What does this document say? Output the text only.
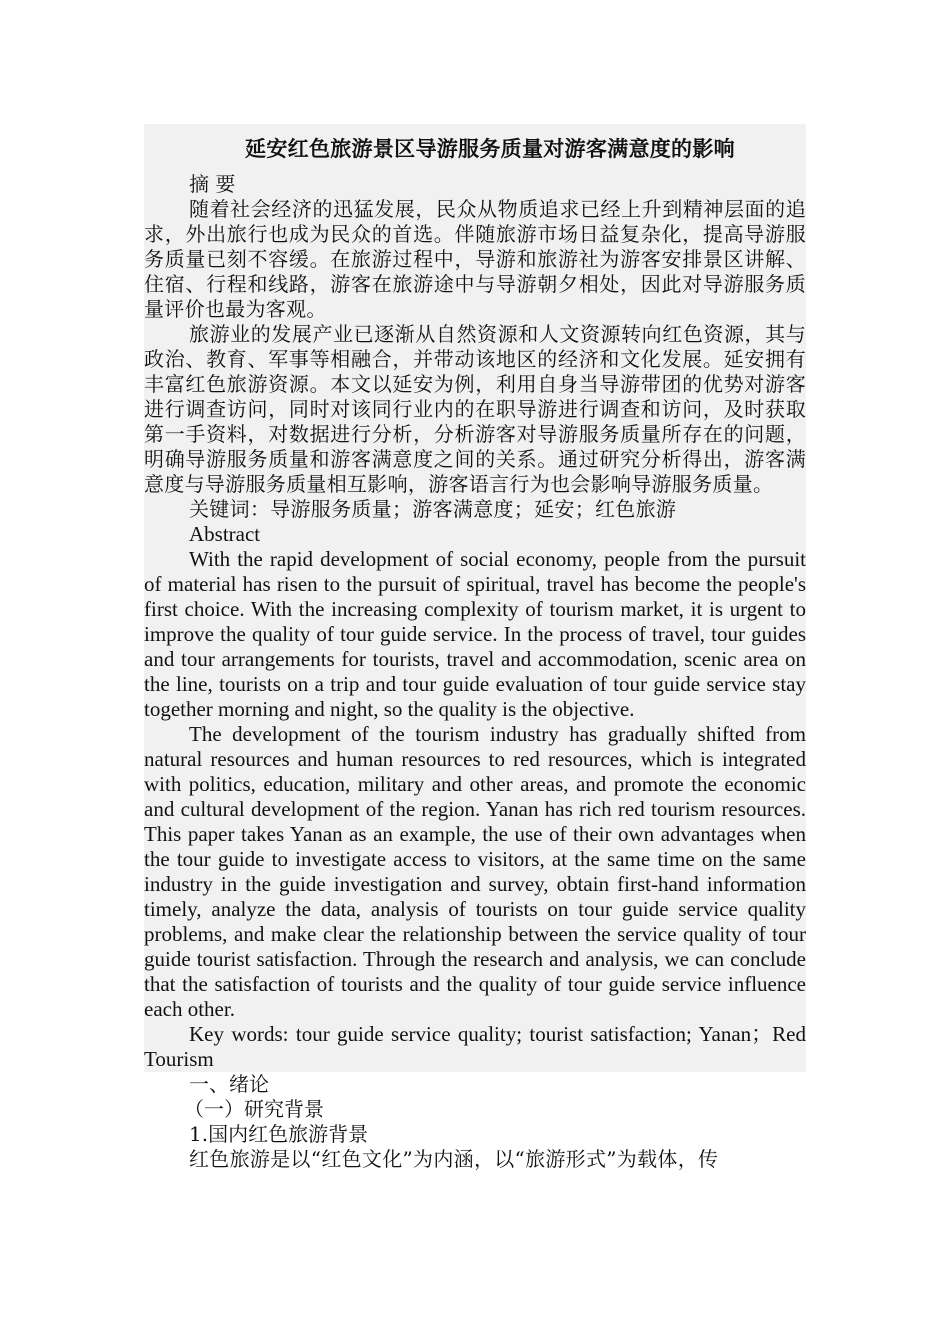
延安红色旅游景区导游服务质量对游客满意度的影响

摘 要

随着社会经济的迅猛发展，民众从物质追求已经上升到精神层面的追求，外出旅行也成为民众的首选。伴随旅游市场日益复杂化，提高导游服务质量已刻不容缓。在旅游过程中，导游和旅游社为游客安排景区讲解、住宿、行程和线路，游客在旅游途中与导游朝夕相处，因此对导游服务质量评价也最为客观。

旅游业的发展产业已逐渐从自然资源和人文资源转向红色资源，其与政治、教育、军事等相融合，并带动该地区的经济和文化发展。延安拥有丰富红色旅游资源。本文以延安为例，利用自身当导游带团的优势对游客进行调查访问，同时对该同行业内的在职导游进行调查和访问，及时获取第一手资料，对数据进行分析，分析游客对导游服务质量所存在的问题，明确导游服务质量和游客满意度之间的关系。通过研究分析得出，游客满意度与导游服务质量相互影响，游客语言行为也会影响导游服务质量。

关键词：导游服务质量；游客满意度；延安；红色旅游

Abstract

With the rapid development of social economy, people from the pursuit of material has risen to the pursuit of spiritual, travel has become the people's first choice. With the increasing complexity of tourism market, it is urgent to improve the quality of tour guide service. In the process of travel, tour guides and tour arrangements for tourists, travel and accommodation, scenic area on the line, tourists on a trip and tour guide evaluation of tour guide service stay together morning and night, so the quality is the objective.

The development of the tourism industry has gradually shifted from natural resources and human resources to red resources, which is integrated with politics, education, military and other areas, and promote the economic and cultural development of the region. Yanan has rich red tourism resources. This paper takes Yanan as an example, the use of their own advantages when the tour guide to investigate access to visitors, at the same time on the same industry in the guide investigation and survey, obtain first-hand information timely, analyze the data, analysis of tourists on tour guide service quality problems, and make clear the relationship between the service quality of tour guide tourist satisfaction. Through the research and analysis, we can conclude that the satisfaction of tourists and the quality of tour guide service influence each other.

Key words: tour guide service quality; tourist satisfaction; Yanan；Red Tourism

一、绪论

（一）研究背景

1.国内红色旅游背景

红色旅游是以“红色文化”为内涵，以“旅游形式”为载体，传
